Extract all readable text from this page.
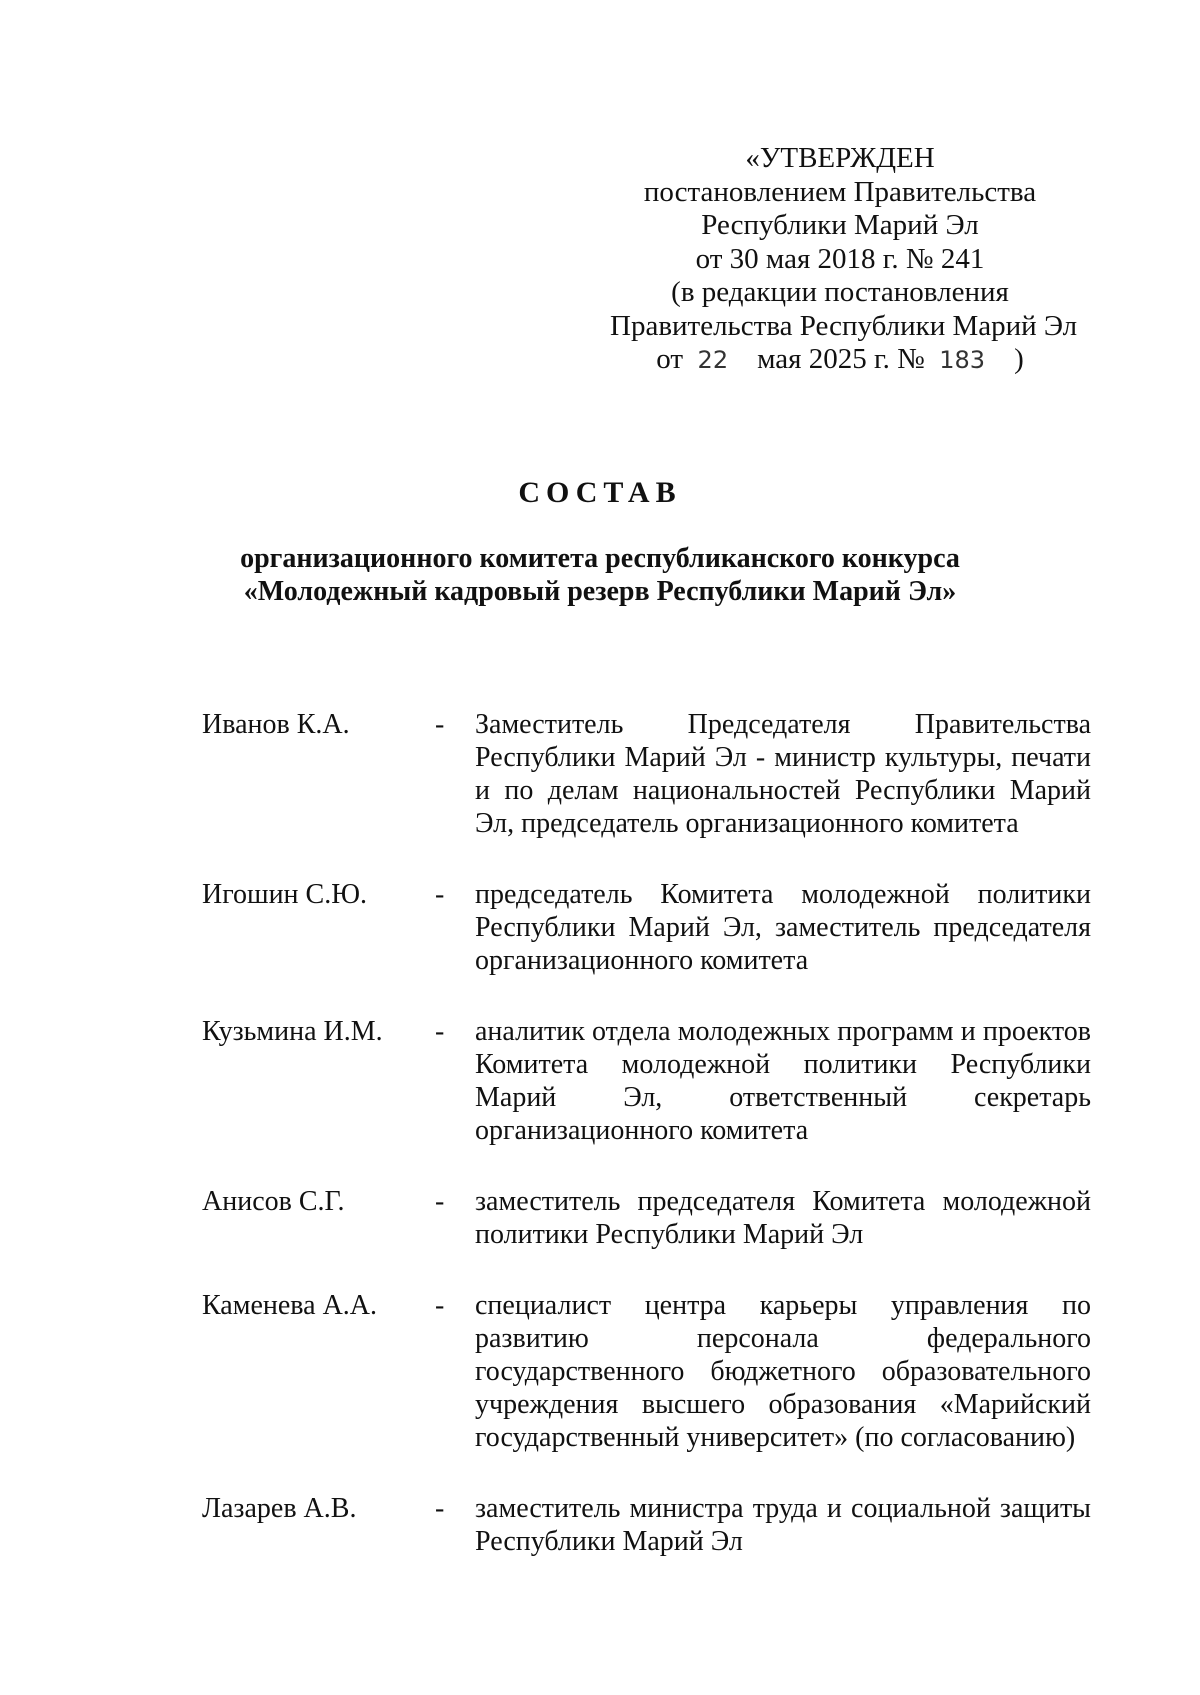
«УТВЕРЖДЕН
постановлением Правительства
Республики Марий Эл
от 30 мая 2018 г. № 241
(в редакции постановления
Правительства Республики Марий Эл
от 22 мая 2025 г. № 183 )
СОСТАВ
организационного комитета республиканского конкурса
«Молодежный кадровый резерв Республики Марий Эл»
Иванов К.А.	-	Заместитель Председателя Правительства Республики Марий Эл - министр культуры, печати и по делам национальностей Республики Марий Эл, председатель организационного комитета
Игошин С.Ю.	-	председатель Комитета молодежной политики Республики Марий Эл, заместитель председателя организационного комитета
Кузьмина И.М.	-	аналитик отдела молодежных программ и проектов Комитета молодежной политики Республики Марий Эл, ответственный секретарь организационного комитета
Анисов С.Г.	-	заместитель председателя Комитета молодежной политики Республики Марий Эл
Каменева А.А.	-	специалист центра карьеры управления по развитию персонала федерального государственного бюджетного образовательного учреждения высшего образования «Марийский государственный университет» (по согласованию)
Лазарев А.В.	-	заместитель министра труда и социальной защиты Республики Марий Эл
